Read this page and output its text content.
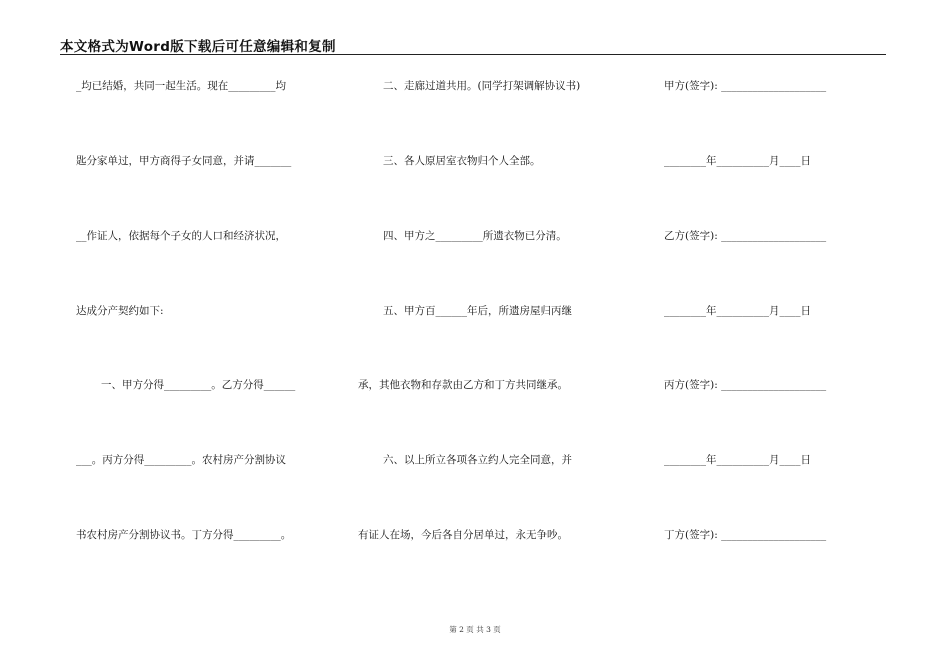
本文格式为Word版下载后可任意编辑和复制
_均已结婚，共同一起生活。现在_________均
匙分家单过，甲方商得子女同意，并请_______
__作证人，依据每个子女的人口和经济状况，
达成分产契约如下:
一、甲方分得_________。乙方分得______
___。丙方分得_________。农村房产分割协议
书农村房产分割协议书。丁方分得_________。
二、走廊过道共用。(同学打架调解协议书)
三、各人原居室衣物归个人全部。
四、甲方之_________所遗衣物已分清。
五、甲方百______年后，所遗房屋归丙继
承，其他衣物和存款由乙方和丁方共同继承。
六、以上所立各项各立约人完全同意，并
有证人在场，今后各自分居单过，永无争吵。
甲方(签字): ____________________
________年__________月____日
乙方(签字): ____________________
________年__________月____日
丙方(签字): ____________________
________年__________月____日
丁方(签字): ____________________
第 2 页 共 3 页
